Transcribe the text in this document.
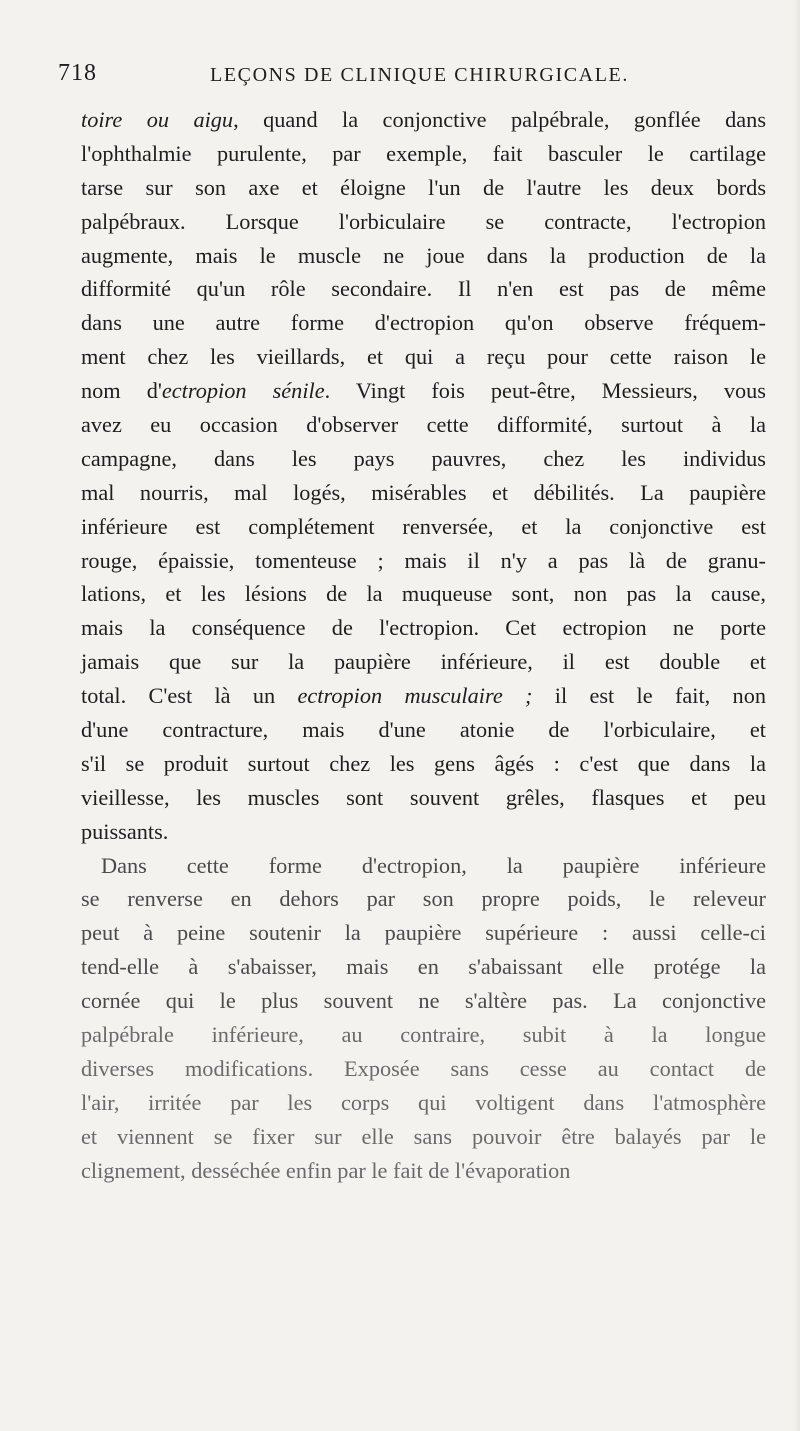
718	LEÇONS DE CLINIQUE CHIRURGICALE.
toire ou aigu, quand la conjonctive palpébrale, gonflée dans
l'ophthalmie purulente, par exemple, fait basculer le cartilage
tarse sur son axe et éloigne l'un de l'autre les deux bords
palpébraux. Lorsque l'orbiculaire se contracte, l'ectropion
augmente, mais le muscle ne joue dans la production de la
difformité qu'un rôle secondaire. Il n'en est pas de même
dans une autre forme d'ectropion qu'on observe fréquem-
ment chez les vieillards, et qui a reçu pour cette raison le
nom d'ectropion sénile. Vingt fois peut-être, Messieurs, vous
avez eu occasion d'observer cette difformité, surtout à la
campagne, dans les pays pauvres, chez les individus
mal nourris, mal logés, misérables et débilités. La paupière
inférieure est complétement renversée, et la conjonctive est
rouge, épaissie, tomenteuse ; mais il n'y a pas là de granu-
lations, et les lésions de la muqueuse sont, non pas la cause,
mais la conséquence de l'ectropion. Cet ectropion ne porte
jamais que sur la paupière inférieure, il est double et
total. C'est là un ectropion musculaire ; il est le fait, non
d'une contracture, mais d'une atonie de l'orbiculaire, et
s'il se produit surtout chez les gens âgés : c'est que dans la
vieillesse, les muscles sont souvent grêles, flasques et peu
puissants.
Dans cette forme d'ectropion, la paupière inférieure
se renverse en dehors par son propre poids, le releveur
peut à peine soutenir la paupière supérieure : aussi celle-ci
tend-elle à s'abaisser, mais en s'abaissant elle protége la
cornée qui le plus souvent ne s'altère pas. La conjonctive
palpébrale inférieure, au contraire, subit à la longue
diverses modifications. Exposée sans cesse au contact de
l'air, irritée par les corps qui voltigent dans l'atmosphère
et viennent se fixer sur elle sans pouvoir être balayés par le
clignement, desséchée enfin par le fait de l'évaporation
